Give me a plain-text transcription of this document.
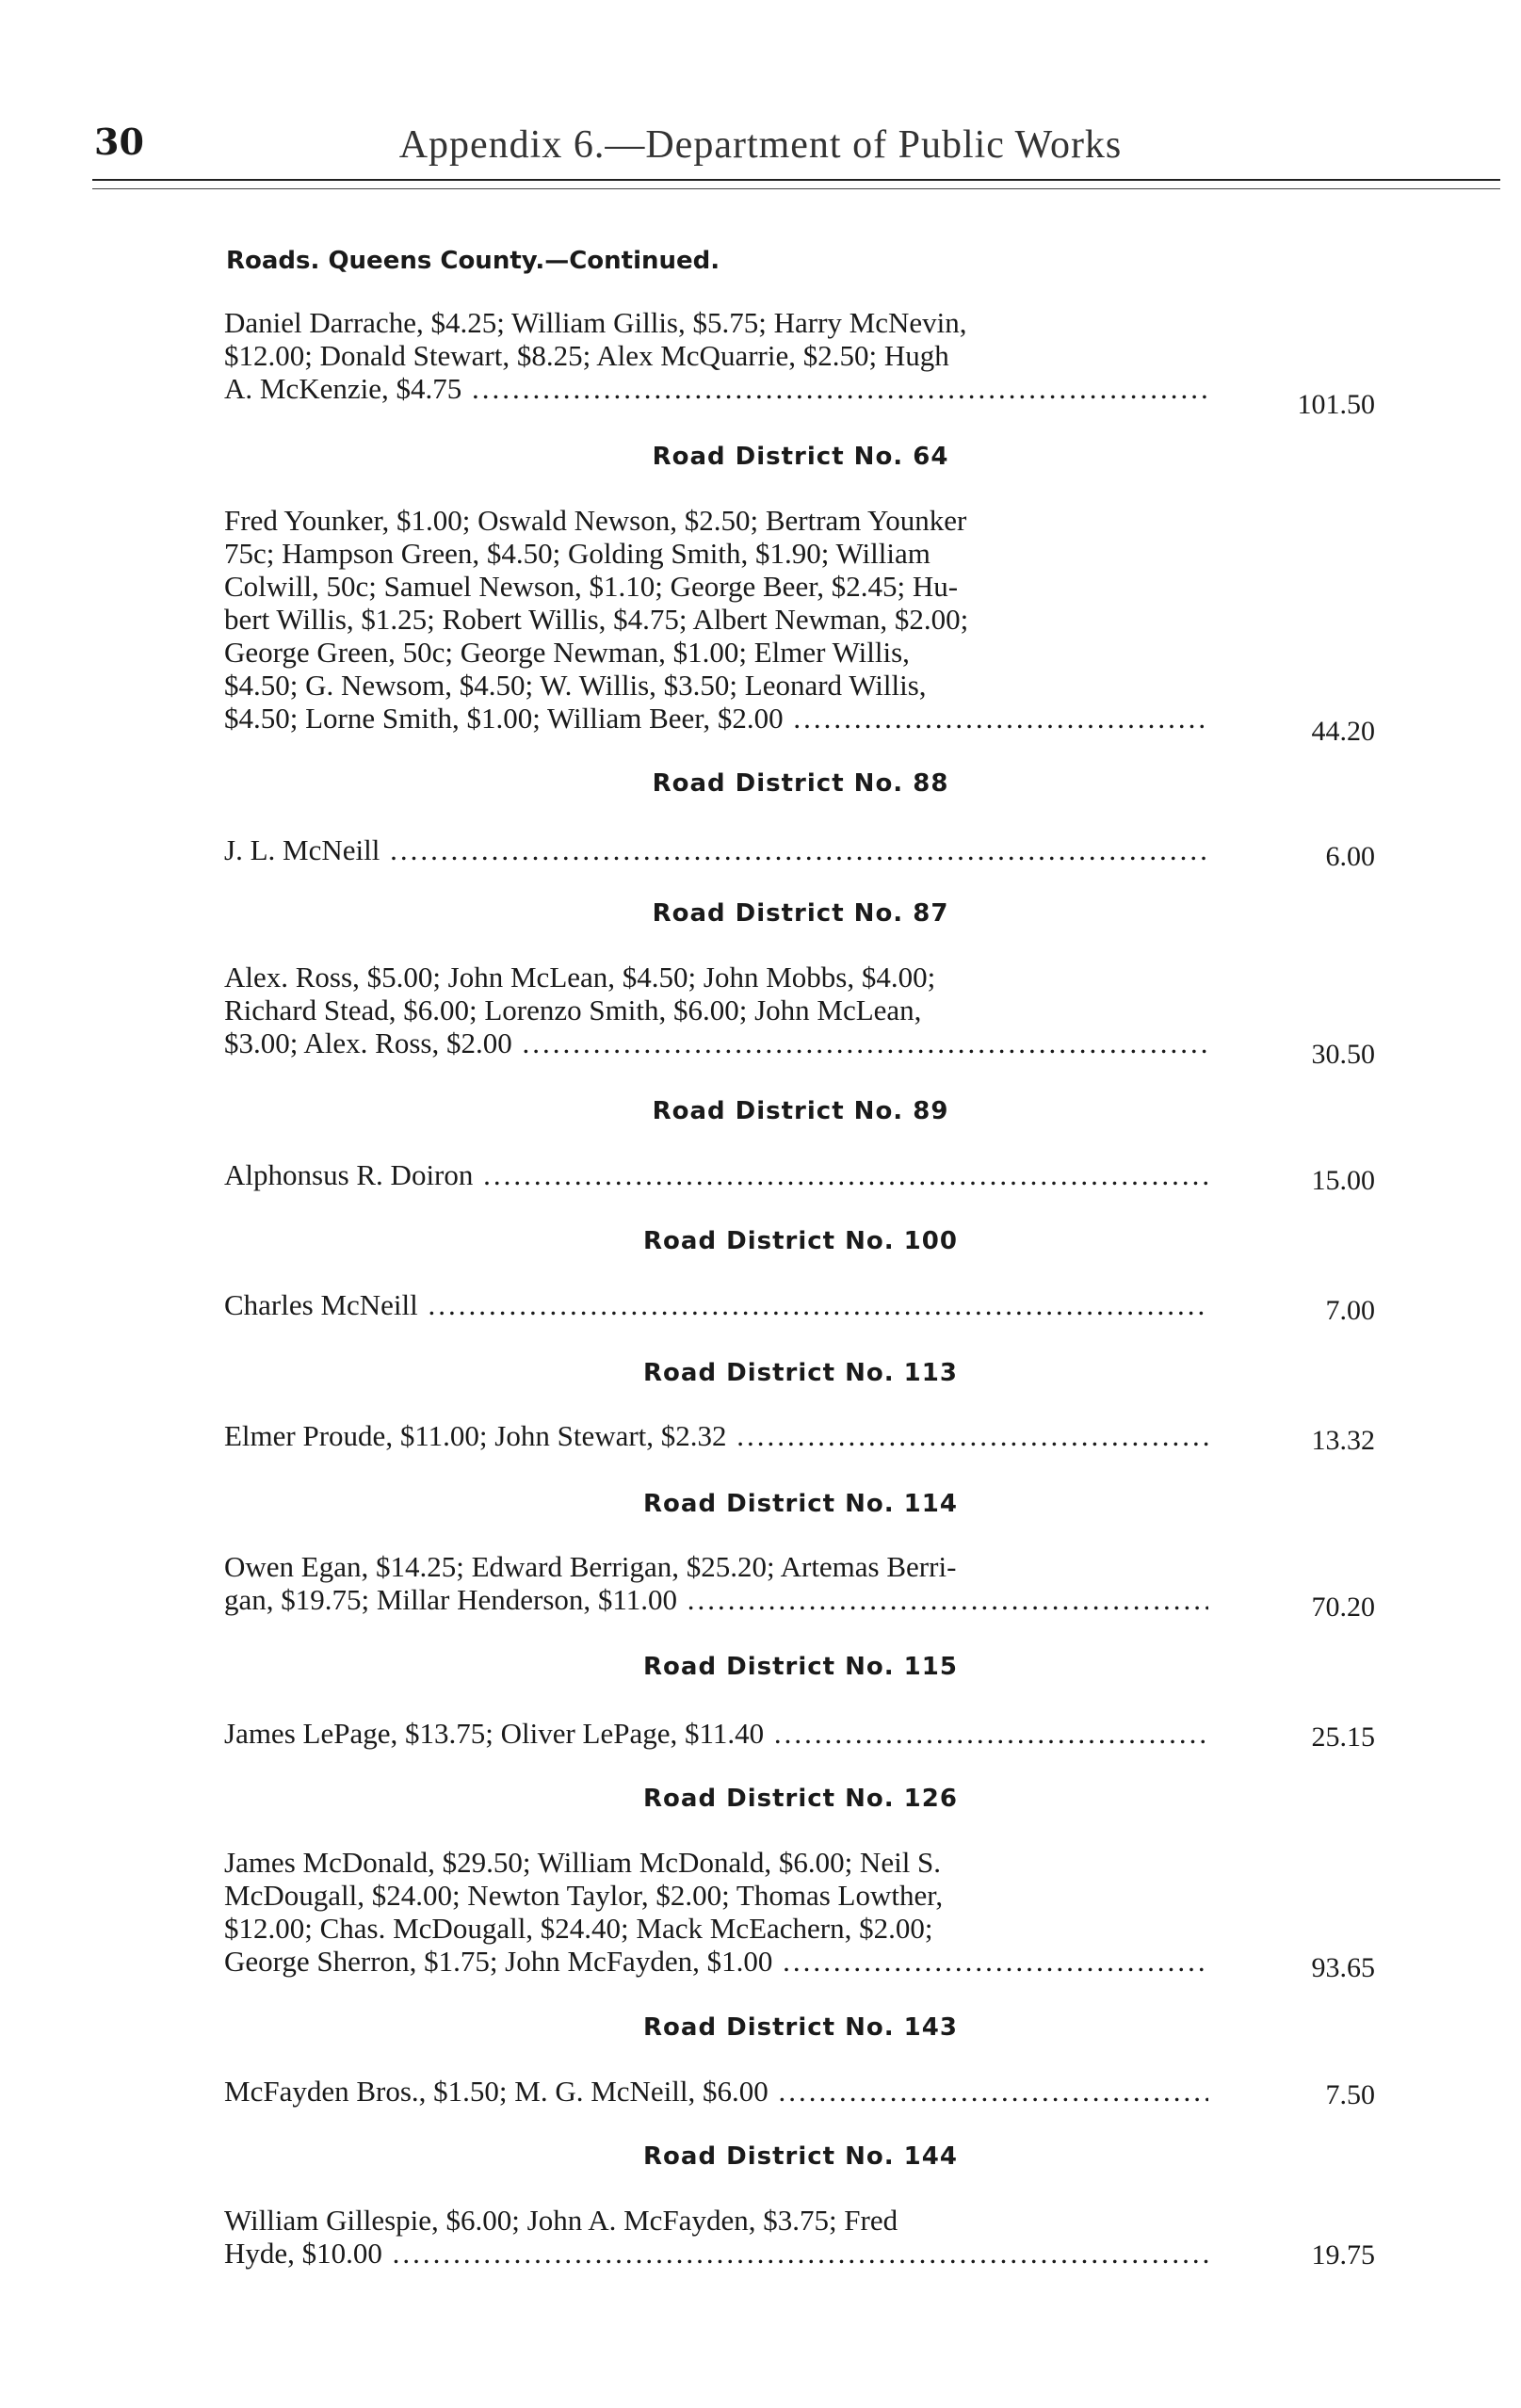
30	Appendix 6.—Department of Public Works
Roads. Queens County.—Continued.
Daniel Darrache, $4.25; William Gillis, $5.75; Harry McNevin,
$12.00; Donald Stewart, $8.25; Alex McQuarrie, $2.50; Hugh
A. McKenzie, $4.75 .....	101.50
Road District No. 64
Fred Younker, $1.00; Oswald Newson, $2.50; Bertram Younker
75c; Hampson Green, $4.50; Golding Smith, $1.90; William
Colwill, 50c; Samuel Newson, $1.10; George Beer, $2.45; Hu-
bert Willis, $1.25; Robert Willis, $4.75; Albert Newman, $2.00;
George Green, 50c; George Newman, $1.00; Elmer Willis,
$4.50; G. Newsom, $4.50; W. Willis, $3.50; Leonard Willis,
$4.50; Lorne Smith, $1.00; William Beer, $2.00 .....	44.20
Road District No. 88
J. L. McNeill .....	6.00
Road District No. 87
Alex. Ross, $5.00; John McLean, $4.50; John Mobbs, $4.00;
Richard Stead, $6.00; Lorenzo Smith, $6.00; John McLean,
$3.00; Alex. Ross, $2.00 .....	30.50
Road District No. 89
Alphonsus R. Doiron .....	15.00
Road District No. 100
Charles McNeill .....	7.00
Road District No. 113
Elmer Proude, $11.00; John Stewart, $2.32 .....	13.32
Road District No. 114
Owen Egan, $14.25; Edward Berrigan, $25.20; Artemas Berri-
gan, $19.75; Millar Henderson, $11.00 .....	70.20
Road District No. 115
James LePage, $13.75; Oliver LePage, $11.40 .....	25.15
Road District No. 126
James McDonald, $29.50; William McDonald, $6.00; Neil S.
McDougall, $24.00; Newton Taylor, $2.00; Thomas Lowther,
$12.00; Chas. McDougall, $24.40; Mack McEachern, $2.00;
George Sherron, $1.75; John McFayden, $1.00 .....	93.65
Road District No. 143
McFayden Bros., $1.50; M. G. McNeill, $6.00 .....	7.50
Road District No. 144
William Gillespie, $6.00; John A. McFayden, $3.75; Fred
Hyde, $10.00 .....	19.75
